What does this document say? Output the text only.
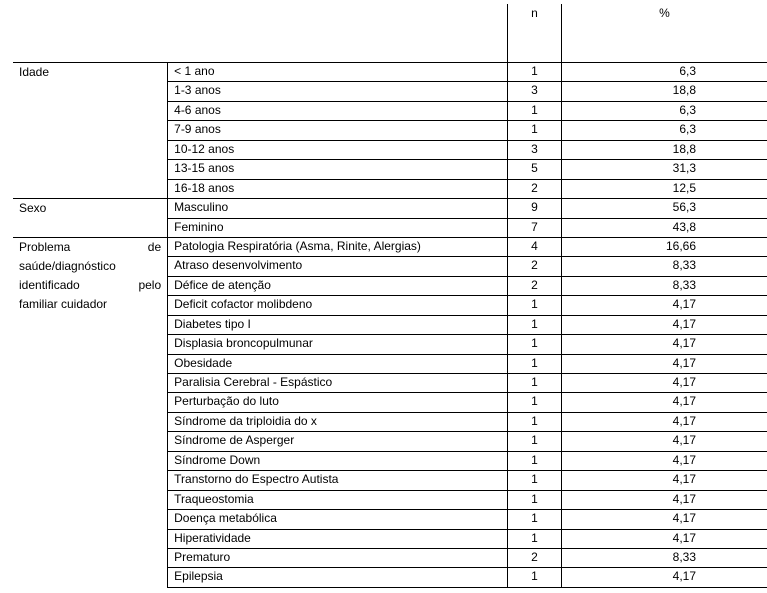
		n	%
Idade	< 1 ano	1	6,3
	1-3 anos	3	18,8
	4-6 anos	1	6,3
	7-9 anos	1	6,3
	10-12 anos	3	18,8
	13-15 anos	5	31,3
	16-18 anos	2	12,5
Sexo	Masculino	9	56,3
	Feminino	7	43,8

Problema de
saúde/diagnóstico
identificado pelo
familiar cuidador	Patologia Respiratória (Asma, Rinite, Alergias)	4	16,66
	Atraso desenvolvimento	2	8,33
	Défice de atenção	2	8,33
	Deficit cofactor molibdeno	1	4,17
	Diabetes tipo I	1	4,17
	Displasia broncopulmunar	1	4,17
	Obesidade	1	4,17
	Paralisia Cerebral - Espástico	1	4,17
	Perturbação do luto	1	4,17
	Síndrome da triploidia do x	1	4,17
	Síndrome de Asperger	1	4,17
	Síndrome Down	1	4,17
	Transtorno do Espectro Autista	1	4,17
	Traqueostomia	1	4,17
	Doença metabólica	1	4,17
	Hiperatividade	1	4,17
	Prematuro	2	8,33
	Epilepsia	1	4,17
